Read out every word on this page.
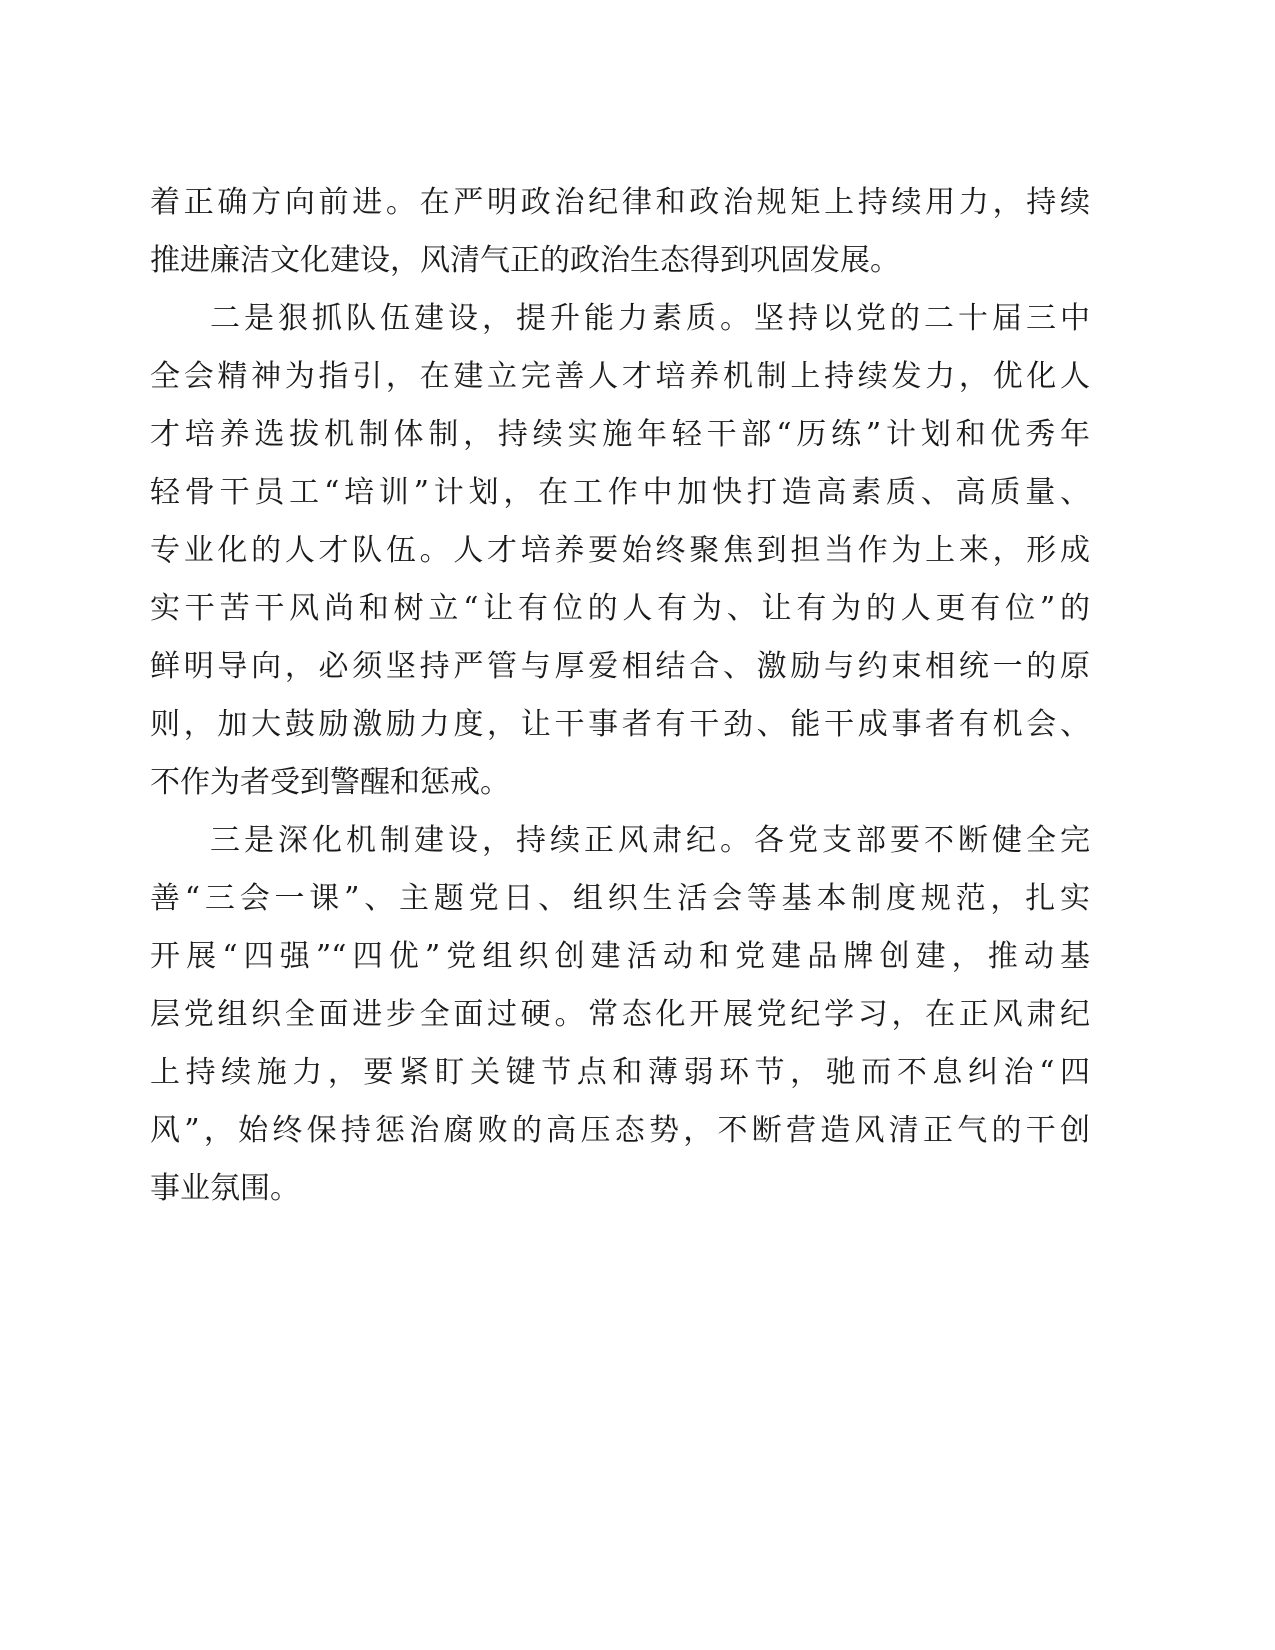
着正确方向前进。在严明政治纪律和政治规矩上持续用力，持续
推进廉洁文化建设，风清气正的政治生态得到巩固发展。
二是狠抓队伍建设，提升能力素质。坚持以党的二十届三中
全会精神为指引，在建立完善人才培养机制上持续发力，优化人
才培养选拔机制体制，持续实施年轻干部“历练”计划和优秀年
轻骨干员工“培训”计划，在工作中加快打造高素质、高质量、
专业化的人才队伍。人才培养要始终聚焦到担当作为上来，形成
实干苦干风尚和树立“让有位的人有为、让有为的人更有位”的
鲜明导向，必须坚持严管与厚爱相结合、激励与约束相统一的原
则，加大鼓励激励力度，让干事者有干劲、能干成事者有机会、
不作为者受到警醒和惩戒。
三是深化机制建设，持续正风肃纪。各党支部要不断健全完
善“三会一课”、主题党日、组织生活会等基本制度规范，扎实
开展“四强”“四优”党组织创建活动和党建品牌创建，推动基
层党组织全面进步全面过硬。常态化开展党纪学习，在正风肃纪
上持续施力，要紧盯关键节点和薄弱环节，驰而不息纠治“四
风”，始终保持惩治腐败的高压态势，不断营造风清正气的干创
事业氛围。
